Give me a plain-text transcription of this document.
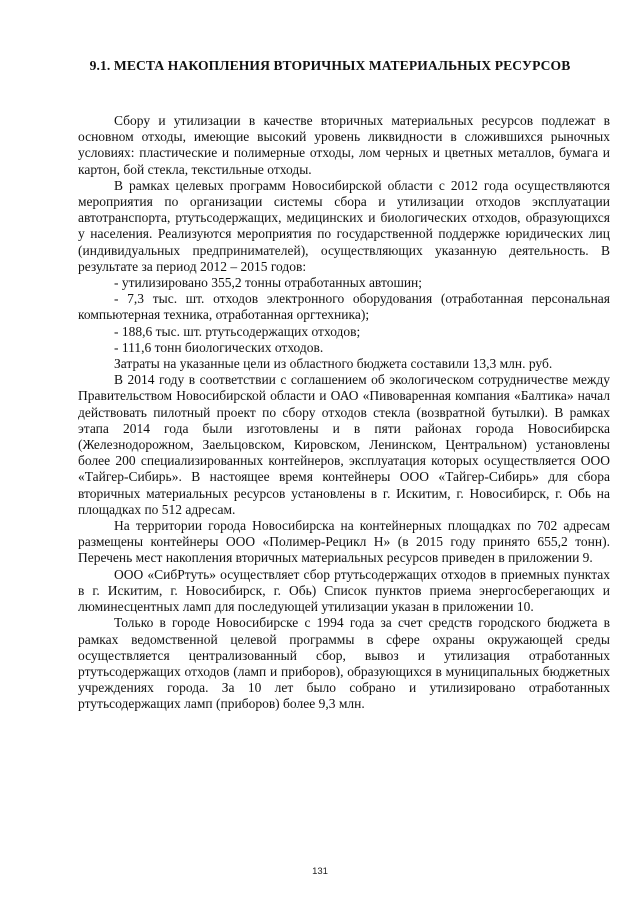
9.1. МЕСТА НАКОПЛЕНИЯ ВТОРИЧНЫХ МАТЕРИАЛЬНЫХ РЕСУРСОВ

Сбору и утилизации в качестве вторичных материальных ресурсов подлежат в основном отходы, имеющие высокий уровень ликвидности в сложившихся рыночных условиях: пластические и полимерные отходы, лом черных и цветных металлов, бумага и картон, бой стекла, текстильные отходы.

В рамках целевых программ Новосибирской области с 2012 года осуществляются мероприятия по организации системы сбора и утилизации отходов эксплуатации автотранспорта, ртутьсодержащих, медицинских и биологических отходов, образующихся у населения. Реализуются мероприятия по государственной поддержке юридических лиц (индивидуальных предпринимателей), осуществляющих указанную деятельность. В результате за период 2012 – 2015 годов:

- утилизировано 355,2 тонны отработанных автошин;

- 7,3 тыс. шт. отходов электронного оборудования (отработанная персональная компьютерная техника, отработанная оргтехника);

- 188,6 тыс. шт. ртутьсодержащих отходов;

- 111,6 тонн биологических отходов.

Затраты на указанные цели из областного бюджета составили 13,3 млн. руб.

В 2014 году в соответствии с соглашением об экологическом сотрудничестве между Правительством Новосибирской области и ОАО «Пивоваренная компания «Балтика» начал действовать пилотный проект по сбору отходов стекла (возвратной бутылки). В рамках этапа 2014 года были изготовлены и в пяти районах города Новосибирска (Железнодорожном, Заельцовском, Кировском, Ленинском, Центральном) установлены более 200 специализированных контейнеров, эксплуатация которых осуществляется ООО «Тайгер-Сибирь». В настоящее время контейнеры ООО «Тайгер-Сибирь» для сбора вторичных материальных ресурсов установлены в г. Искитим, г. Новосибирск, г. Обь на площадках по 512 адресам.

На территории города Новосибирска на контейнерных площадках по 702 адресам размещены контейнеры ООО «Полимер-Рецикл Н» (в 2015 году принято 655,2 тонн). Перечень мест накопления вторичных материальных ресурсов приведен в приложении 9.

ООО «СибРтуть» осуществляет сбор ртутьсодержащих отходов в приемных пунктах в г. Искитим, г. Новосибирск, г. Обь) Список пунктов приема энергосберегающих и люминесцентных ламп для последующей утилизации указан в приложении 10.

Только в городе Новосибирске с 1994 года за счет средств городского бюджета в рамках ведомственной целевой программы в сфере охраны окружающей среды осуществляется централизованный сбор, вывоз и утилизация отработанных ртутьсодержащих отходов (ламп и приборов), образующихся в муниципальных бюджетных учреждениях города. За 10 лет было собрано и утилизировано отработанных ртутьсодержащих ламп (приборов) более 9,3 млн.

131
